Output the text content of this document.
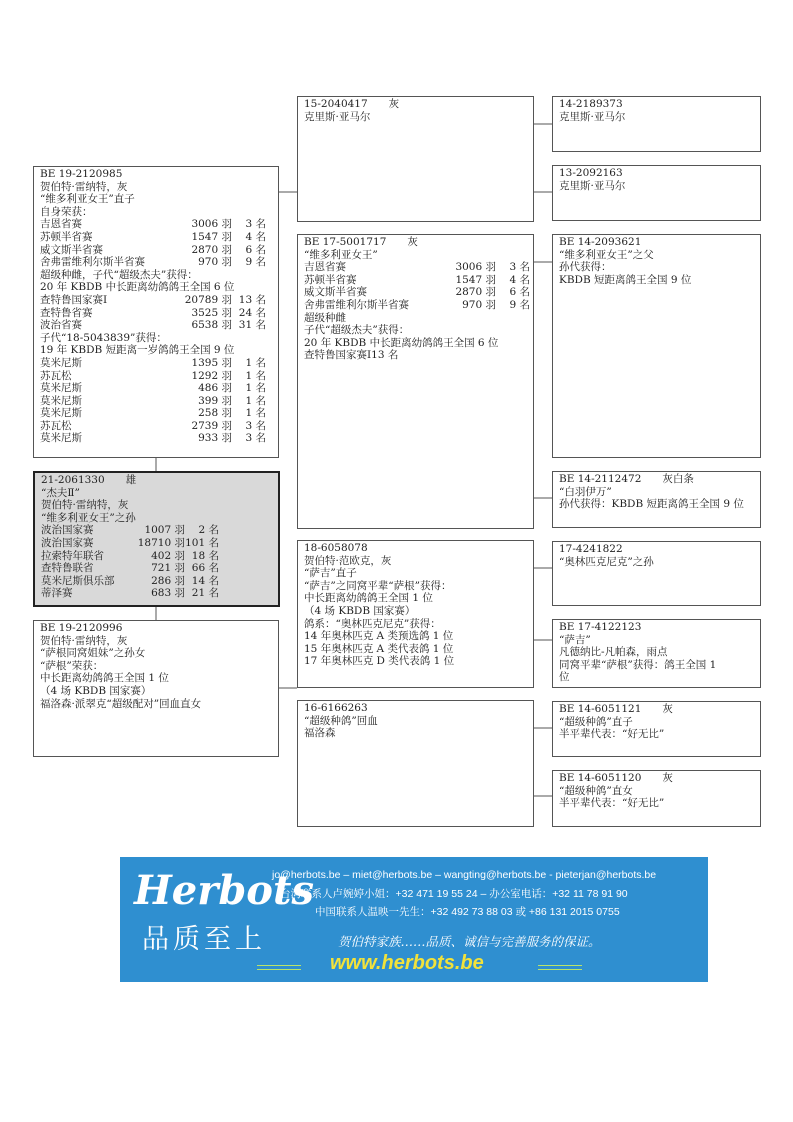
BE 19-2120985
贺伯特·雷纳特，灰
“维多利亚女王”直子
自身荣获：
吉恩省赛	3006 羽	3 名
苏顿半省赛	1547 羽	4 名
威文斯半省赛	2870 羽	6 名
舍弗雷维利尔斯半省赛	970 羽	9 名
超级种雌，子代“超级杰夫”获得：
20 年 KBDB 中长距离幼鸽鸽王全国 6 位
查特鲁国家赛Ⅰ	20789 羽 13 名
查特鲁省赛	3525 羽 24 名
波治省赛	6538 羽 31 名
子代“18-5043839”获得：
19 年 KBDB 短距离一岁鸽鸽王全国 9 位
莫米尼斯	1395 羽	1 名
苏瓦松	1292 羽	1 名
莫米尼斯	486 羽	1 名
莫米尼斯	399 羽	1 名
莫米尼斯	258 羽	1 名
苏瓦松	2739 羽	3 名
莫米尼斯	933 羽	3 名
21-2061330　　雄
“杰夫Ⅱ”
贺伯特·雷纳特，灰
“维多利亚女王”之孙
波治国家赛	1007 羽	2 名
波治国家赛	18710 羽 101 名
拉索特年联省	402 羽 18 名
查特鲁联省	721 羽 66 名
莫米尼斯俱乐部	286 羽 14 名
蒂泽赛	683 羽 21 名
BE 19-2120996
贺伯特·雷纳特，灰
“萨根同窝姐妹”之孙女
“萨根”荣获：
中长距离幼鸽鸽王全国 1 位
（4 场 KBDB 国家赛）
福洛森·派翠克“超级配对”回血直女
15-2040417　　灰
克里斯·亚马尔
BE 17-5001717　　灰
“维多利亚女王”
吉恩省赛	3006 羽	3 名
苏顿半省赛	1547 羽	4 名
威文斯半省赛	2870 羽	6 名
舍弗雷维利尔斯半省赛	970 羽	9 名
超级种雌
子代“超级杰夫”获得：
20 年 KBDB 中长距离幼鸽鸽王全国 6 位
查特鲁国家赛Ⅰ13 名
18-6058078
贺伯特·范欧克，灰
“萨吉”直子
“萨吉”之同窝平辈“萨根”获得：
中长距离幼鸽鸽王全国 1 位
（4 场 KBDB 国家赛）
鸽系：“奥林匹克尼克”获得：
14 年奥林匹克 A 类预选鸽 1 位
15 年奥林匹克 A 类代表鸽 1 位
17 年奥林匹克 D 类代表鸽 1 位
16-6166263
“超级种鸽”回血
福洛森
14-2189373
克里斯·亚马尔
13-2092163
克里斯·亚马尔
BE 14-2093621
“维多利亚女王”之父
孙代获得：
KBDB 短距离鸽王全国 9 位
BE 14-2112472　　灰白条
“白羽伊万”
孙代获得：KBDB 短距离鸽王全国 9 位
17-4241822
“奥林匹克尼克”之孙
BE 17-4122123
“萨吉”
凡德纳比-凡帕森，雨点
同窝平辈“萨根”获得：鸽王全国 1
位
BE 14-6051121　　灰
“超级种鸽”直子
半平辈代表：“好无比”
BE 14-6051120　　灰
“超级种鸽”直女
半平辈代表：“好无比”
Herbots
品质至上
jo@herbots.be – miet@herbots.be – wangting@herbots.be - pieterjan@herbots.be
台湾联系人卢婉婷小姐：+32 471 19 55 24 – 办公室电话：+32 11 78 91 90
中国联系人温映一先生：+32 492 73 88 03 或 +86 131 2015 0755
贺伯特家族……品质、诚信与完善服务的保证。
www.herbots.be
